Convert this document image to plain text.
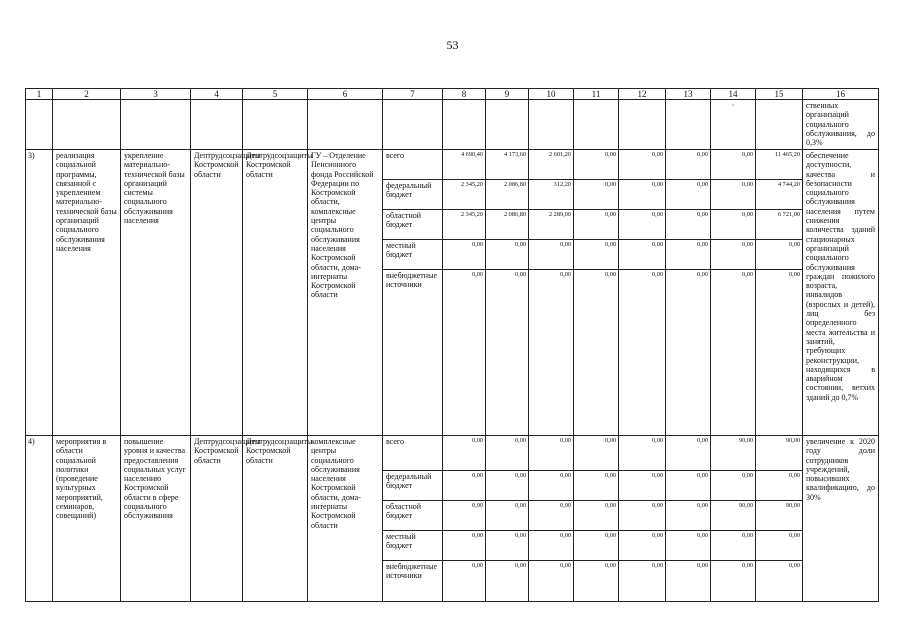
53
1	2	3	4	5	6	7	8	9	10	11	12	13	14	15	16
													·		ственных организаций социального обслуживания, до 0,3%
3)	реализация социальной программы, связанной с укреплением материально-технической базы организаций социального обслуживания населения	укрепление материально-технической базы организаций системы социального обслуживания населения	Дептрудсоцзащиты Костромской области	Дептрудсоцзащиты Костромской области	ГУ – Отделение Пенсионного фонда Российской Федерации по Костромской области, комплексные центры социального обслуживания населения Костромской области, дома-интернаты Костромской области	всего	4 690,40	4 173,60	2 601,20	0,00	0,00	0,00	0,00	11 465,20	обеспечение доступности, качества и безопасности социального обслуживания населения путем снижения количества зданий стационарных организаций социального обслуживания граждан пожилого возраста, инвалидов (взрослых и детей), лиц без определенного места жительства и занятий, требующих реконструкции, находящихся в аварийном состоянии, ветхих зданий до 0,7%
						федеральный бюджет	2 345,20	2 086,80	312,20	0,00	0,00	0,00	0,00	4 744,20	
						областной бюджет	2 345,20	2 086,80	2 289,00	0,00	0,00	0,00	0,00	6 721,00	
						местный бюджет	0,00	0,00	0,00	0,00	0,00	0,00	0,00	0,00	
						внебюджетные источники	0,00	0,00	0,00	0,00	0,00	0,00	0,00	0,00	
4)	мероприятия в области социальной политики (проведение культурных мероприятий, семинаров, совещаний)	повышение уровня и качества предоставления социальных услуг населению Костромской области в сфере социального обслуживания	Дептрудсоцзащиты Костромской области	Дептрудсоцзащиты Костромской области	комплексные центры социального обслуживания населения Костромской области, дома-интернаты Костромской области	всего	0,00	0,00	0,00	0,00	0,00	0,00	90,00	90,00	увеличение к 2020 году доли сотрудников учреждений, повысивших квалификацию, до 30%
						федеральный бюджет	0,00	0,00	0,00	0,00	0,00	0,00	0,00	0,00	
						областной бюджет	0,00	0,00	0,00	0,00	0,00	0,00	90,00	90,00	
						местный бюджет	0,00	0,00	0,00	0,00	0,00	0,00	0,00	0,00	
						внебюджетные источники	0,00	0,00	0,00	0,00	0,00	0,00	0,00	0,00	
